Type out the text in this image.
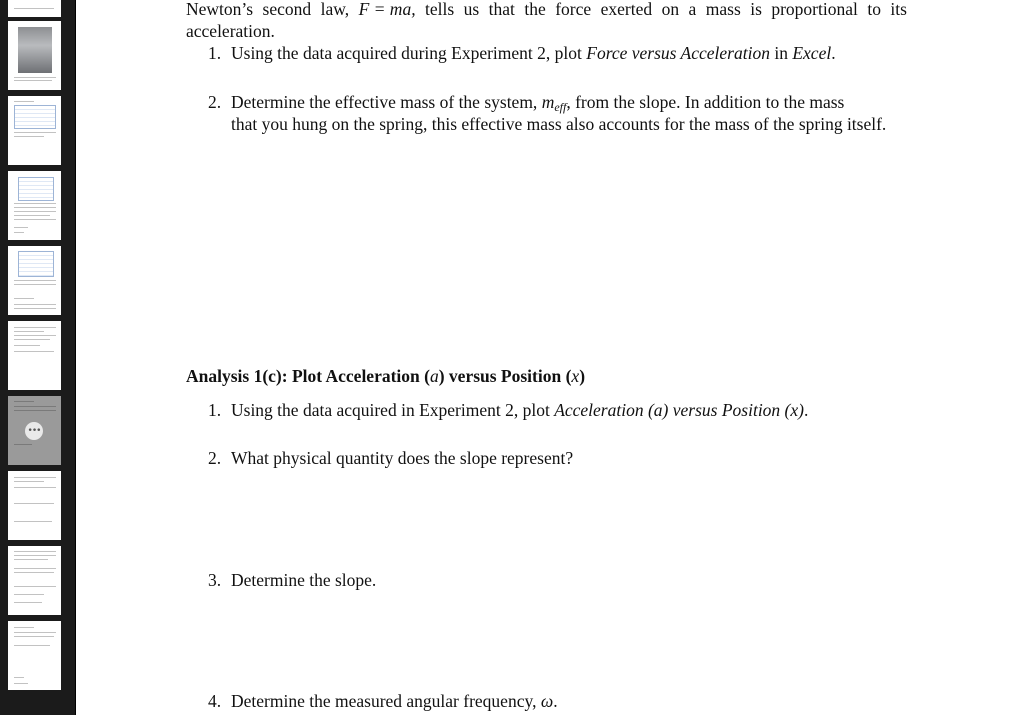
•••
Newton’s second law, F = ma, tells us that the force exerted on a mass is proportional to its
acceleration.
1. Using the data acquired during Experiment 2, plot Force versus Acceleration in Excel.
2. Determine the effective mass of the system, $m_{eff}$, from the slope. In addition to the mass
that you hung on the spring, this effective mass also accounts for the mass of the spring itself.
Analysis 1(c): Plot Acceleration (a) versus Position (x)
1. Using the data acquired in Experiment 2, plot Acceleration (a) versus Position (x).
2. What physical quantity does the slope represent?
3. Determine the slope.
4. Determine the measured angular frequency, ω.
